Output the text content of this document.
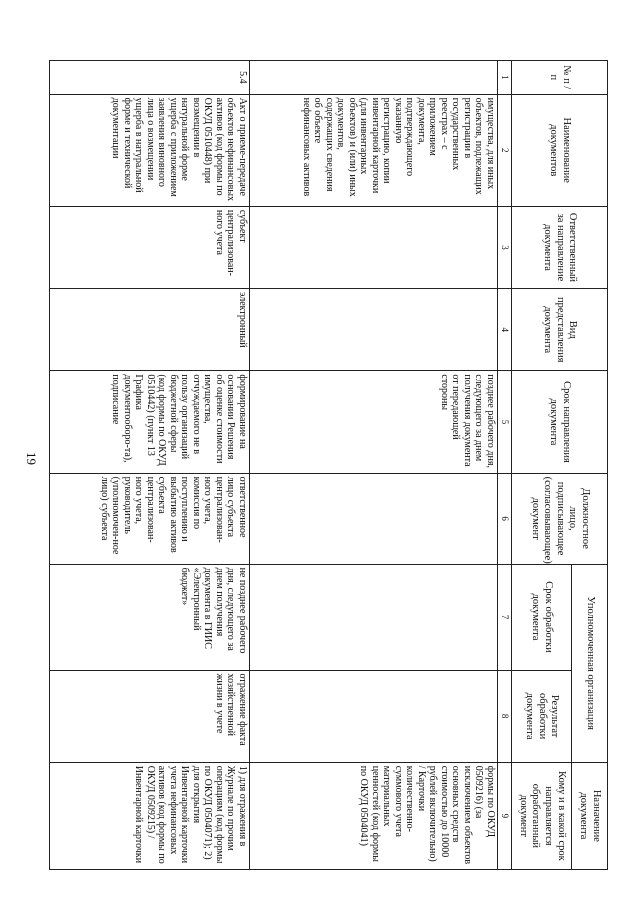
19
№ п / п	Наименование документов	Ответственный за направление документа	Вид представления документа	Срок направления документа	Должностное лицо, подписывающее (согласовывающее) документ	Уполномоченная организация		Назначение документа
						Срок обработки документа	Результат обработки документа	Кому и в какой срок направляется обработанный документ
1	2	3	4	5	6	7	8	9
	имущества, для иных объектов, подлежащих регистрации в государственных реестрах – с приложением документа, подтверждающего указанную регистрацию, копии инвентарной карточки (для инвентарных объектов) и (или) иных документов, содержащих сведения об объекте нефинансовых активов			позднее рабочего дня, следующего за днем получения документа от передающей стороны				формы по ОКУД 0509216) (за исключением объектов основных средств стоимостью до 10000 рублей включительно) / Карточки количественно-суммового учета материальных ценностей (код формы по ОКУД 0504041)
5.4	Акт о приеме-передаче объектов нефинансовых активов (код формы по ОКУД 0510448) при возмещении в натуральной форме ущерба с приложением заявления виновного лица о возмещении ущерба в натуральной форме и технической документации	субъект централизован-ного учета	электронный	формирование на основании Решения об оценке стоимости имущества, отчуждаемого не в пользу организаций бюджетной сферы (код формы по ОКУД 0510442) (пункт 13 Графика документооборо-та), подписание	ответственное лицо субъекта централизован-ного учета, комиссия по поступлению и выбытию активов субъекта централизован-ного учета, руководитель (уполномочен-ное лицо) субъекта	не позднее рабочего дня, следующего за днем получения документа в ГИИС «Электронный бюджет»	отражение факта хозяйственной жизни в учете	1) для отражения в Журнале по прочим операциям (код формы по ОКУД 0504071); 2) для открытия Инвентарной карточки учета нефинансовых активов (код формы по ОКУД 0509215) / Инвентарной карточки
